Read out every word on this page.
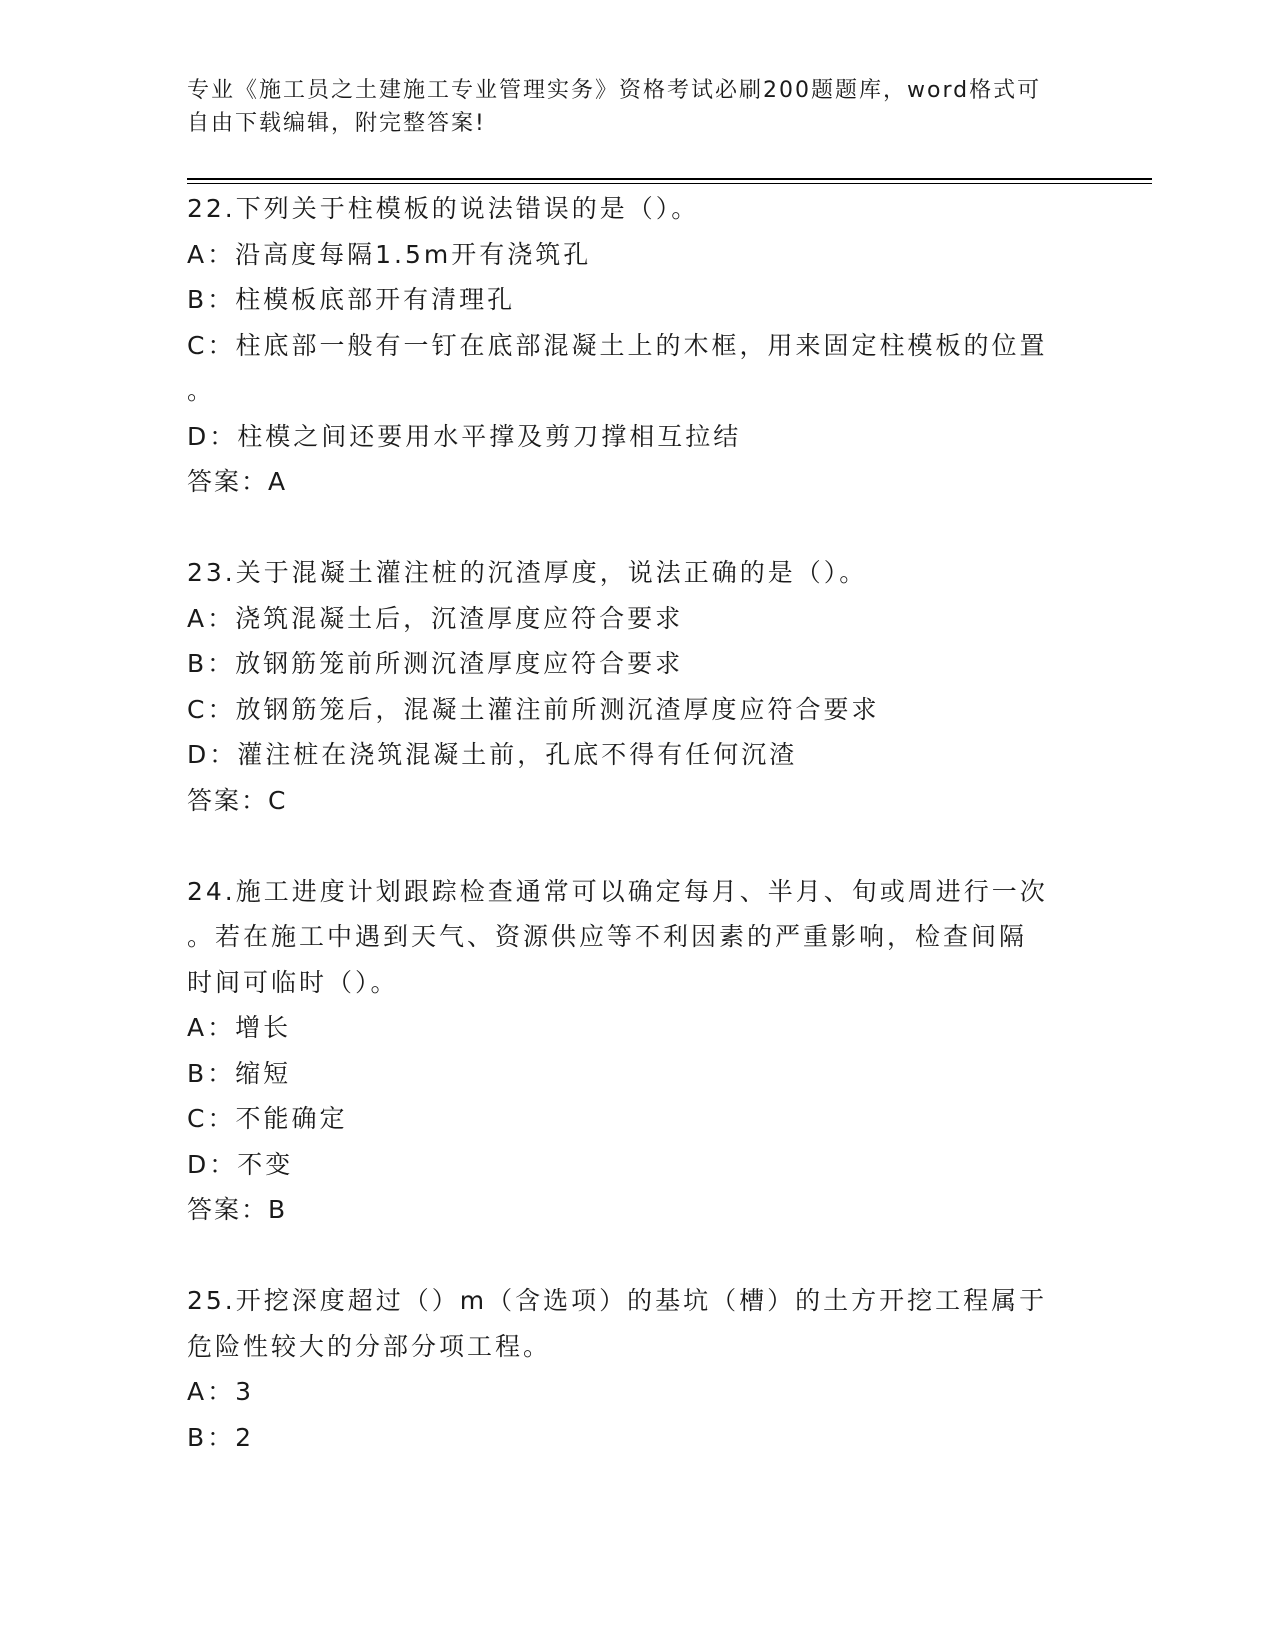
专业《施工员之土建施工专业管理实务》资格考试必刷200题题库，word格式可
自由下载编辑，附完整答案!
22.下列关于柱模板的说法错误的是（）。
A：沿高度每隔1.5m开有浇筑孔
B：柱模板底部开有清理孔
C：柱底部一般有一钉在底部混凝土上的木框，用来固定柱模板的位置
。
D：柱模之间还要用水平撑及剪刀撑相互拉结
答案：A
23.关于混凝土灌注桩的沉渣厚度，说法正确的是（）。
A：浇筑混凝土后，沉渣厚度应符合要求
B：放钢筋笼前所测沉渣厚度应符合要求
C：放钢筋笼后，混凝土灌注前所测沉渣厚度应符合要求
D：灌注桩在浇筑混凝土前，孔底不得有任何沉渣
答案：C
24.施工进度计划跟踪检查通常可以确定每月、半月、旬或周进行一次
。若在施工中遇到天气、资源供应等不利因素的严重影响，检查间隔
时间可临时（）。
A：增长
B：缩短
C：不能确定
D：不变
答案：B
25.开挖深度超过（）m（含选项）的基坑（槽）的土方开挖工程属于
危险性较大的分部分项工程。
A：3
B：2
